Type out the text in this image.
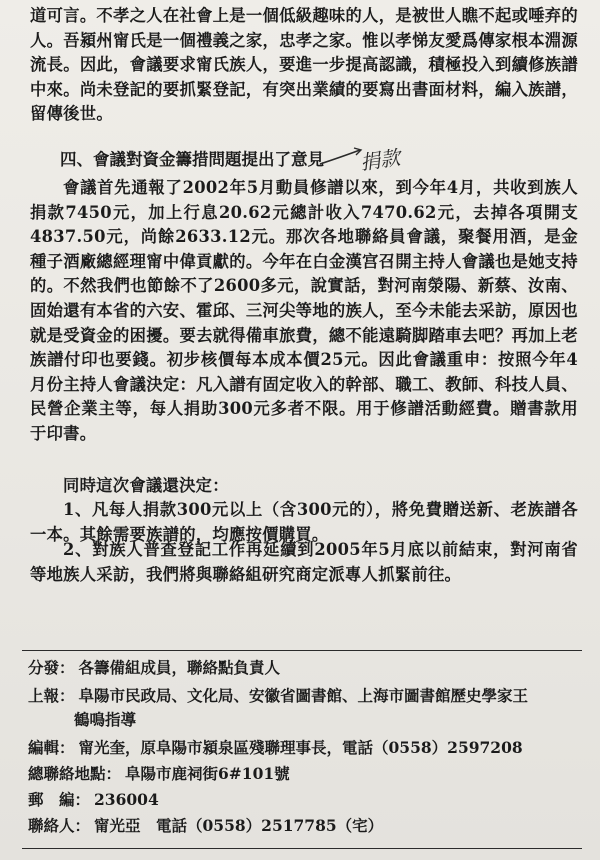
道可言。不孝之人在社會上是一個低級趣味的人，是被世人瞧不起或唾弃的人。吾潁州甯氏是一個禮義之家，忠孝之家。惟以孝悌友愛爲傳家根本淵源流長。因此，會議要求甯氏族人，要進一步提高認識，積極投入到續修族譜中來。尚未登記的要抓緊登記，有突出業績的要寫出書面材料，編入族譜，留傳後世。

四、會議對資金籌措問題提出了意見 捐款

會議首先通報了2002年5月動員修譜以來，到今年4月，共收到族人捐款7450元，加上行息20.62元總計收入7470.62元，去掉各項開支4837.50元，尚餘2633.12元。那次各地聯絡員會議，聚餐用酒，是金種子酒廠總經理甯中偉貢獻的。今年在白金漢宫召開主持人會議也是她支持的。不然我們也節餘不了2600多元，說實話，對河南滎陽、新蔡、汝南、固始還有本省的六安、霍邱、三河尖等地的族人，至今未能去采訪，原因也就是受資金的困擾。要去就得備車旅費，總不能遠騎脚踏車去吧？再加上老族譜付印也要錢。初步核價每本成本價25元。因此會議重申：按照今年4月份主持人會議決定：凡入譜有固定收入的幹部、職工、教師、科技人員、民營企業主等，每人捐助300元多者不限。用于修譜活動經費。贈書款用于印書。

同時這次會議還決定：

1、凡每人捐款300元以上（含300元的），將免費贈送新、老族譜各一本。其餘需要族譜的，均應按價購買。

2、對族人普查登記工作再延續到2005年5月底以前結束，對河南省等地族人采訪，我們將與聯絡組研究商定派專人抓緊前往。

分發： 各籌備組成員，聯絡點負責人

上報： 阜陽市民政局、文化局、安徽省圖書館、上海市圖書館歷史學家王

鶴鳴指導

編輯： 甯光奎，原阜陽市潁泉區殘聯理事長，電話（0558）2597208

總聯絡地點： 阜陽市鹿祠街6#101號

郵　編： 236004

聯絡人： 甯光亞　電話（0558）2517785（宅）
